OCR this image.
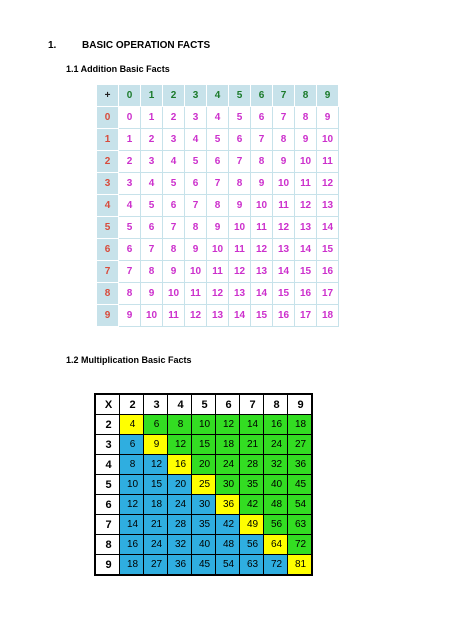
1.	BASIC OPERATION FACTS
1.1 Addition Basic Facts
+	0	1	2	3	4	5	6	7	8	9
0	0	1	2	3	4	5	6	7	8	9
1	1	2	3	4	5	6	7	8	9	10
2	2	3	4	5	6	7	8	9	10	11
3	3	4	5	6	7	8	9	10	11	12
4	4	5	6	7	8	9	10	11	12	13
5	5	6	7	8	9	10	11	12	13	14
6	6	7	8	9	10	11	12	13	14	15
7	7	8	9	10	11	12	13	14	15	16
8	8	9	10	11	12	13	14	15	16	17
9	9	10	11	12	13	14	15	16	17	18
1.2 Multiplication Basic Facts
X	2	3	4	5	6	7	8	9
2	4	6	8	10	12	14	16	18
3	6	9	12	15	18	21	24	27
4	8	12	16	20	24	28	32	36
5	10	15	20	25	30	35	40	45
6	12	18	24	30	36	42	48	54
7	14	21	28	35	42	49	56	63
8	16	24	32	40	48	56	64	72
9	18	27	36	45	54	63	72	81
